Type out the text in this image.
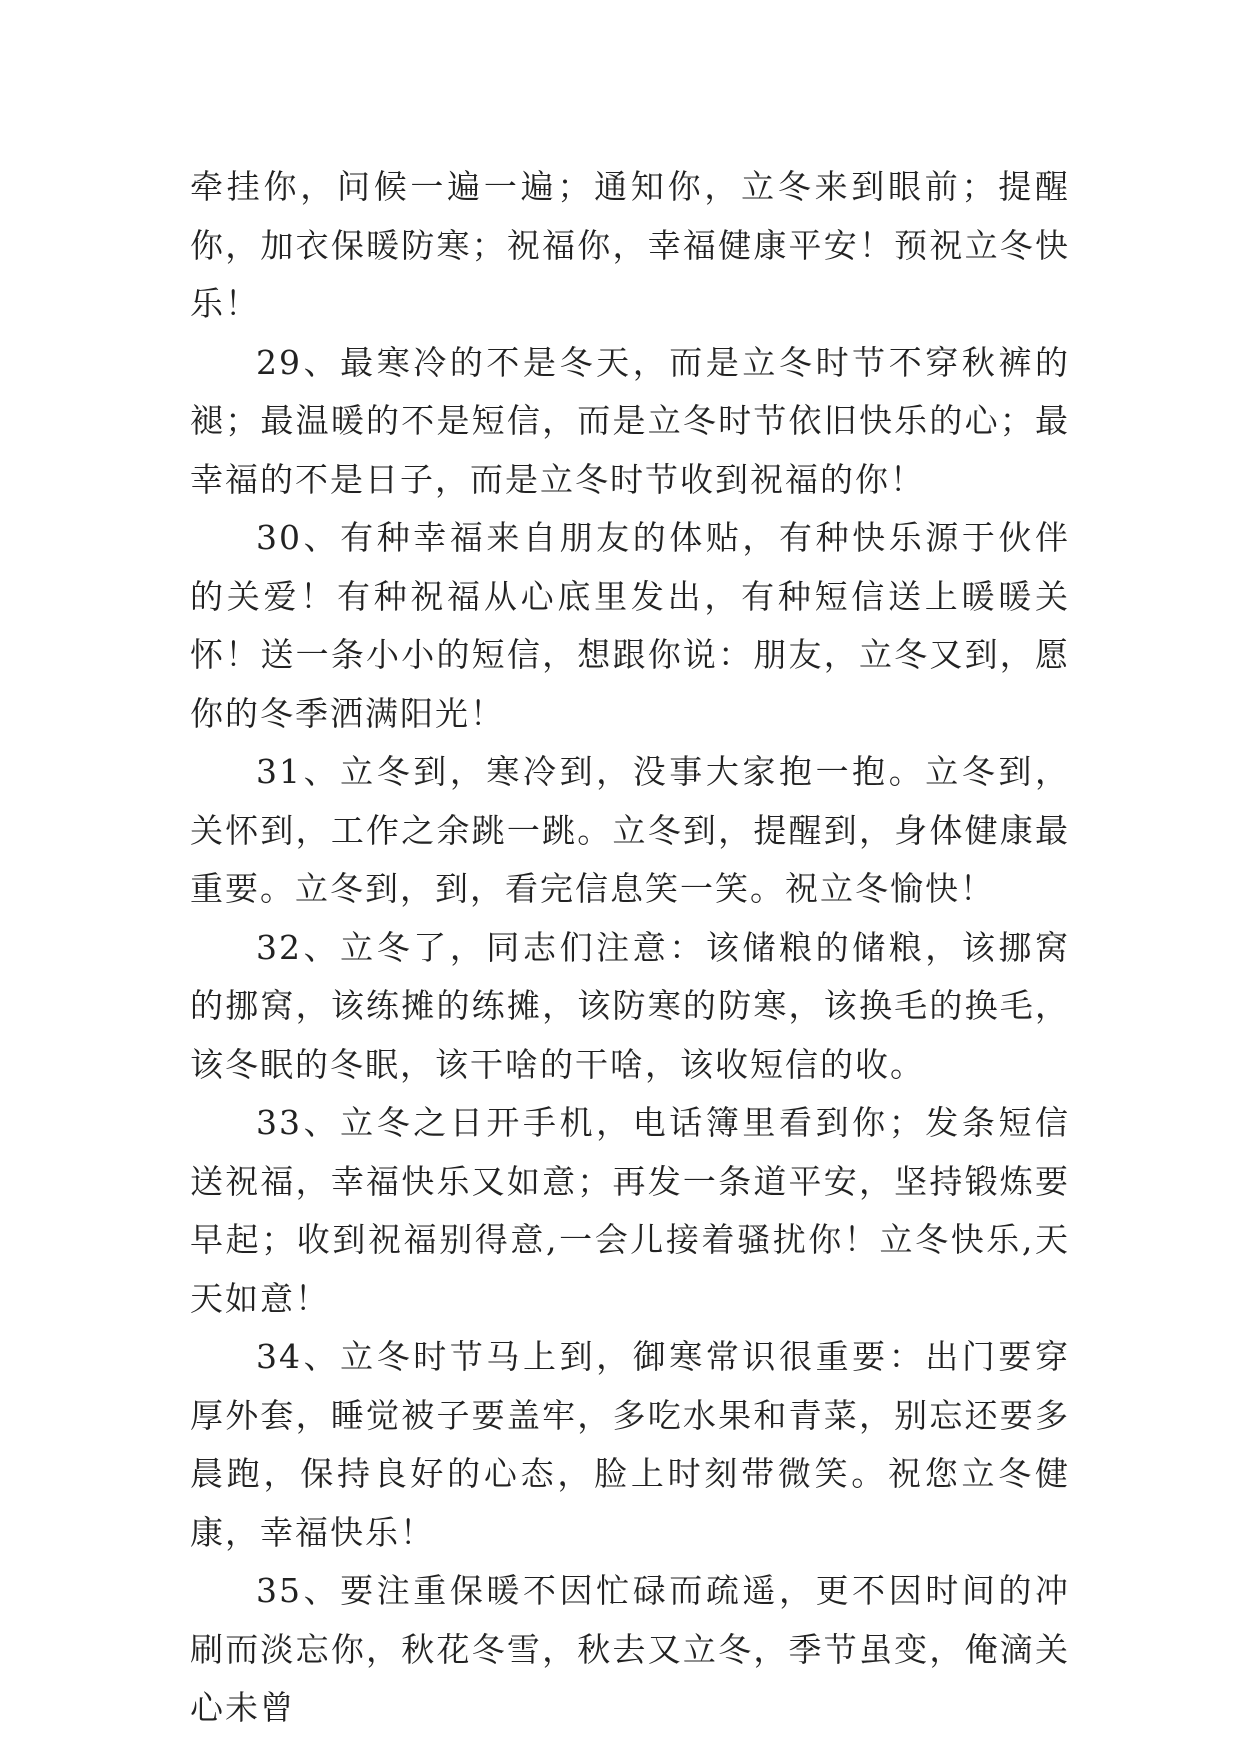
牵挂你，问候一遍一遍；通知你，立冬来到眼前；提醒你，加衣保暖防寒；祝福你，幸福健康平安！预祝立冬快乐！

29、最寒冷的不是冬天，而是立冬时节不穿秋裤的褪；最温暖的不是短信，而是立冬时节依旧快乐的心；最幸福的不是日子，而是立冬时节收到祝福的你！

30、有种幸福来自朋友的体贴，有种快乐源于伙伴的关爱！有种祝福从心底里发出，有种短信送上暖暖关怀！送一条小小的短信，想跟你说：朋友，立冬又到，愿你的冬季洒满阳光！

31、立冬到，寒冷到，没事大家抱一抱。立冬到，关怀到，工作之余跳一跳。立冬到，提醒到，身体健康最重要。立冬到，到，看完信息笑一笑。祝立冬愉快！

32、立冬了，同志们注意：该储粮的储粮，该挪窝的挪窝，该练摊的练摊，该防寒的防寒，该换毛的换毛，该冬眠的冬眠，该干啥的干啥，该收短信的收。

33、立冬之日开手机，电话簿里看到你；发条短信送祝福，幸福快乐又如意；再发一条道平安，坚持锻炼要早起；收到祝福别得意,一会儿接着骚扰你！立冬快乐,天天如意！

34、立冬时节马上到，御寒常识很重要：出门要穿厚外套，睡觉被子要盖牢，多吃水果和青菜，别忘还要多晨跑，保持良好的心态，脸上时刻带微笑。祝您立冬健康，幸福快乐！

35、要注重保暖不因忙碌而疏遥，更不因时间的冲刷而淡忘你，秋花冬雪，秋去又立冬，季节虽变，俺滴关心未曾
